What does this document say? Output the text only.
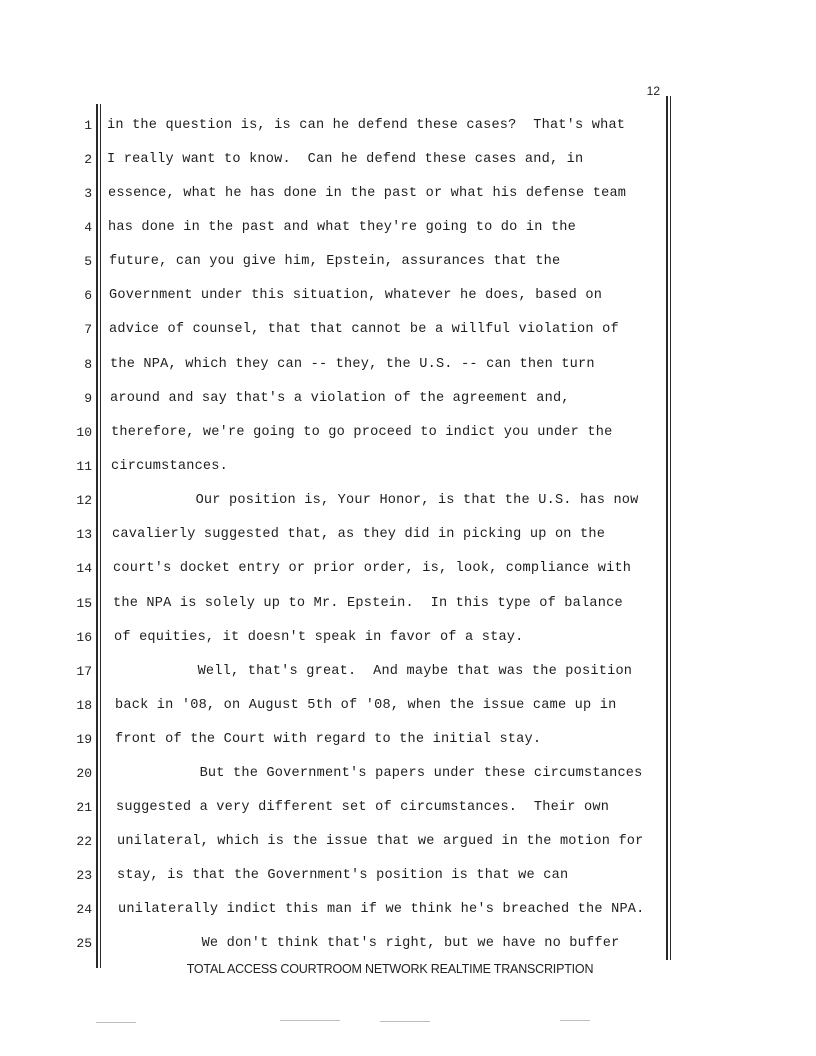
12
1 in the question is, is can he defend these cases?  That's what
2 I really want to know.  Can he defend these cases and, in
3 essence, what he has done in the past or what his defense team
4 has done in the past and what they're going to do in the
5 future, can you give him, Epstein, assurances that the
6 Government under this situation, whatever he does, based on
7 advice of counsel, that that cannot be a willful violation of
8 the NPA, which they can -- they, the U.S. -- can then turn
9 around and say that's a violation of the agreement and,
10 therefore, we're going to go proceed to indict you under the
11 circumstances.
12 Our position is, Your Honor, is that the U.S. has now
13 cavalierly suggested that, as they did in picking up on the
14 court's docket entry or prior order, is, look, compliance with
15 the NPA is solely up to Mr. Epstein.  In this type of balance
16 of equities, it doesn't speak in favor of a stay.
17 Well, that's great.  And maybe that was the position
18 back in '08, on August 5th of '08, when the issue came up in
19 front of the Court with regard to the initial stay.
20 But the Government's papers under these circumstances
21 suggested a very different set of circumstances.  Their own
22 unilateral, which is the issue that we argued in the motion for
23 stay, is that the Government's position is that we can
24 unilaterally indict this man if we think he's breached the NPA.
25 We don't think that's right, but we have no buffer
TOTAL ACCESS COURTROOM NETWORK REALTIME TRANSCRIPTION
